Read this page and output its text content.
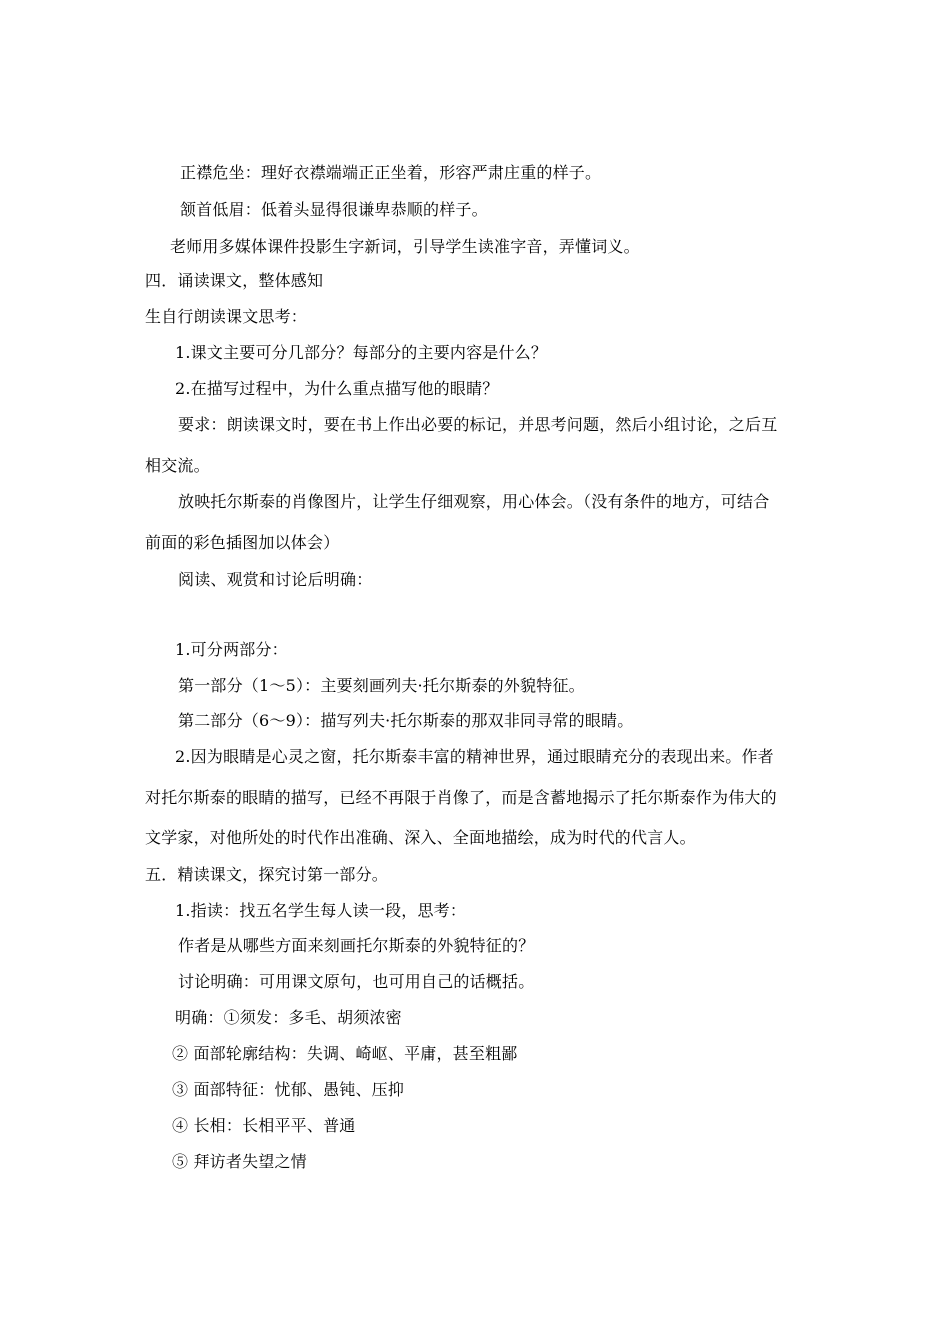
正襟危坐：理好衣襟端端正正坐着，形容严肃庄重的样子。
颔首低眉：低着头显得很谦卑恭顺的样子。
老师用多媒体课件投影生字新词，引导学生读准字音，弄懂词义。
四．诵读课文，整体感知
生自行朗读课文思考：
1.课文主要可分几部分？每部分的主要内容是什么？
2.在描写过程中，为什么重点描写他的眼睛？
要求：朗读课文时，要在书上作出必要的标记，并思考问题，然后小组讨论，之后互
相交流。
放映托尔斯泰的肖像图片，让学生仔细观察，用心体会。（没有条件的地方，可结合
前面的彩色插图加以体会）
阅读、观赏和讨论后明确：
1.可分两部分：
第一部分（1～5）：主要刻画列夫·托尔斯泰的外貌特征。
第二部分（6～9）：描写列夫·托尔斯泰的那双非同寻常的眼睛。
2.因为眼睛是心灵之窗，托尔斯泰丰富的精神世界，通过眼睛充分的表现出来。作者
对托尔斯泰的眼睛的描写，已经不再限于肖像了，而是含蓄地揭示了托尔斯泰作为伟大的
文学家，对他所处的时代作出准确、深入、全面地描绘，成为时代的代言人。
五．精读课文，探究讨第一部分。
1.指读：找五名学生每人读一段，思考：
作者是从哪些方面来刻画托尔斯泰的外貌特征的？
讨论明确：可用课文原句，也可用自己的话概括。
明确：①须发：多毛、胡须浓密
② 面部轮廓结构：失调、崎岖、平庸，甚至粗鄙
③ 面部特征：忧郁、愚钝、压抑
④ 长相：长相平平、普通
⑤ 拜访者失望之情
